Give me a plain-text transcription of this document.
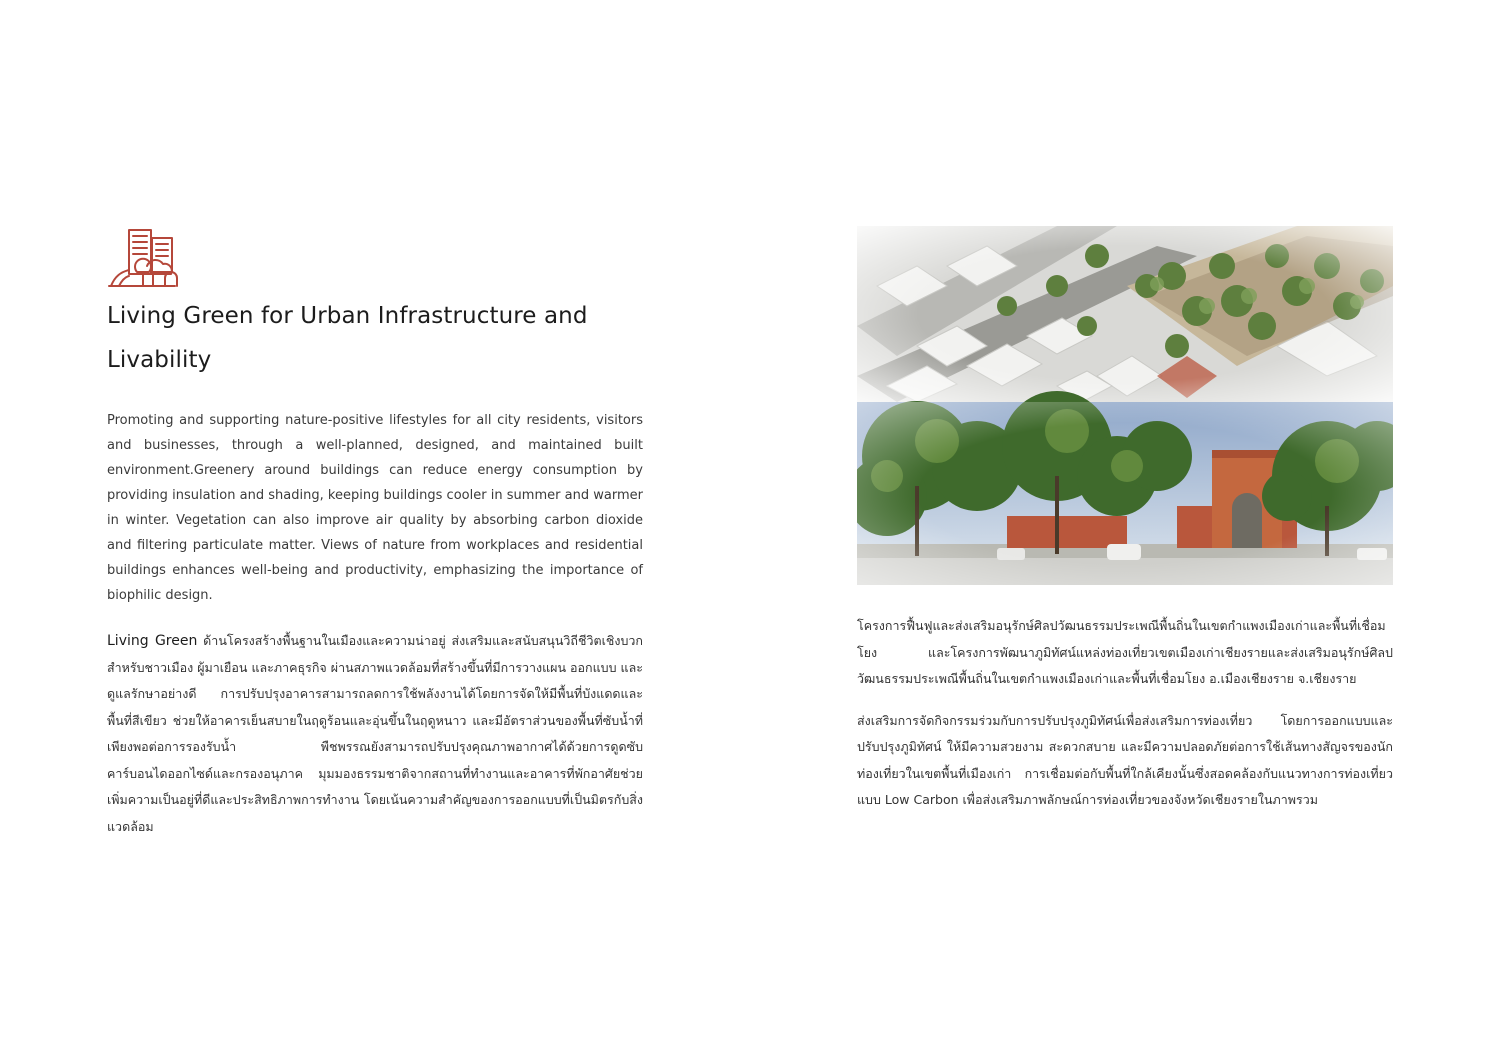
Living Green for Urban Infrastructure and Livability

Promoting and supporting nature-positive lifestyles for all city residents, visitors and businesses, through a well-planned, designed, and maintained built environment.Greenery around buildings can reduce energy consumption by providing insulation and shading, keeping buildings cooler in summer and warmer in winter. Vegetation can also improve air quality by absorbing carbon dioxide and filtering particulate matter. Views of nature from workplaces and residential buildings enhances well-being and productivity, emphasizing the importance of biophilic design.

Living Green ด้านโครงสร้างพื้นฐานในเมืองและความน่าอยู่ ส่งเสริมและสนับสนุนวิถีชีวิตเชิงบวกสำหรับชาวเมือง ผู้มาเยือน และภาคธุรกิจ ผ่านสภาพแวดล้อมที่สร้างขึ้นที่มีการวางแผน ออกแบบ และดูแลรักษาอย่างดี การปรับปรุงอาคารสามารถลดการใช้พลังงานได้โดยการจัดให้มีพื้นที่บังแดดและพื้นที่สีเขียว ช่วยให้อาคารเย็นสบายในฤดูร้อนและอุ่นขึ้นในฤดูหนาว และมีอัตราส่วนของพื้นที่ซับน้ำที่เพียงพอต่อการรองรับน้ำ พืชพรรณยังสามารถปรับปรุงคุณภาพอากาศได้ด้วยการดูดซับคาร์บอนไดออกไซด์และกรองอนุภาค มุมมองธรรมชาติจากสถานที่ทำงานและอาคารที่พักอาศัยช่วยเพิ่มความเป็นอยู่ที่ดีและประสิทธิภาพการทำงาน โดยเน้นความสำคัญของการออกแบบที่เป็นมิตรกับสิ่งแวดล้อม

โครงการฟื้นฟูและส่งเสริมอนุรักษ์ศิลปวัฒนธรรมประเพณีพื้นถิ่นในเขตกำแพงเมืองเก่าและพื้นที่เชื่อมโยง และโครงการพัฒนาภูมิทัศน์แหล่งท่องเที่ยวเขตเมืองเก่าเชียงรายและส่งเสริมอนุรักษ์ศิลปวัฒนธรรมประเพณีพื้นถิ่นในเขตกำแพงเมืองเก่าและพื้นที่เชื่อมโยง อ.เมืองเชียงราย จ.เชียงราย

ส่งเสริมการจัดกิจกรรมร่วมกับการปรับปรุงภูมิทัศน์เพื่อส่งเสริมการท่องเที่ยว โดยการออกแบบและปรับปรุงภูมิทัศน์ ให้มีความสวยงาม สะดวกสบาย และมีความปลอดภัยต่อการใช้เส้นทางสัญจรของนักท่องเที่ยวในเขตพื้นที่เมืองเก่า การเชื่อมต่อกับพื้นที่ใกล้เคียงนั้นซึ่งสอดคล้องกับแนวทางการท่องเที่ยวแบบ Low Carbon เพื่อส่งเสริมภาพลักษณ์การท่องเที่ยวของจังหวัดเชียงรายในภาพรวม
